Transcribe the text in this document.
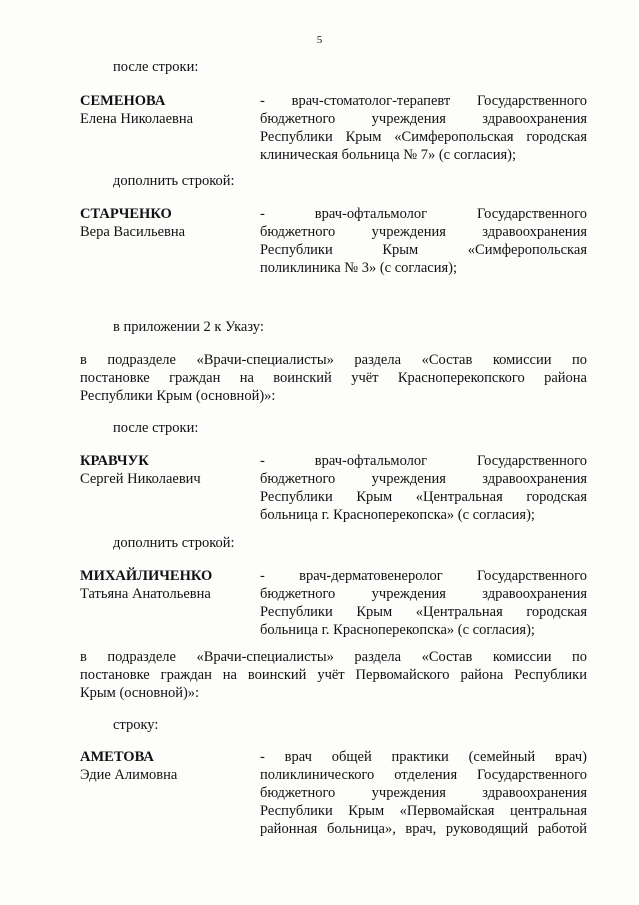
5
после строки:
СЕМЕНОВА
Елена Николаевна
- врач-стоматолог-терапевт Государственного
бюджетного учреждения здравоохранения
Республики Крым «Симферопольская городская
клиническая больница № 7» (с согласия);
дополнить строкой:
СТАРЧЕНКО
Вера Васильевна
- врач-офтальмолог Государственного
бюджетного учреждения здравоохранения
Республики Крым «Симферопольская
поликлиника № 3» (с согласия);
в приложении 2 к Указу:
в подразделе «Врачи-специалисты» раздела «Состав комиссии по
постановке граждан на воинский учёт Красноперекопского района
Республики Крым (основной)»:
после строки:
КРАВЧУК
Сергей Николаевич
- врач-офтальмолог Государственного
бюджетного учреждения здравоохранения
Республики Крым «Центральная городская
больница г. Красноперекопска» (с согласия);
дополнить строкой:
МИХАЙЛИЧЕНКО
Татьяна Анатольевна
- врач-дерматовенеролог Государственного
бюджетного учреждения здравоохранения
Республики Крым «Центральная городская
больница г. Красноперекопска» (с согласия);
в подразделе «Врачи-специалисты» раздела «Состав комиссии по
постановке граждан на воинский учёт Первомайского района Республики
Крым (основной)»:
строку:
АМЕТОВА
Эдие Алимовна
- врач общей практики (семейный врач)
поликлинического отделения Государственного
бюджетного учреждения здравоохранения
Республики Крым «Первомайская центральная
районная больница», врач, руководящий работой
